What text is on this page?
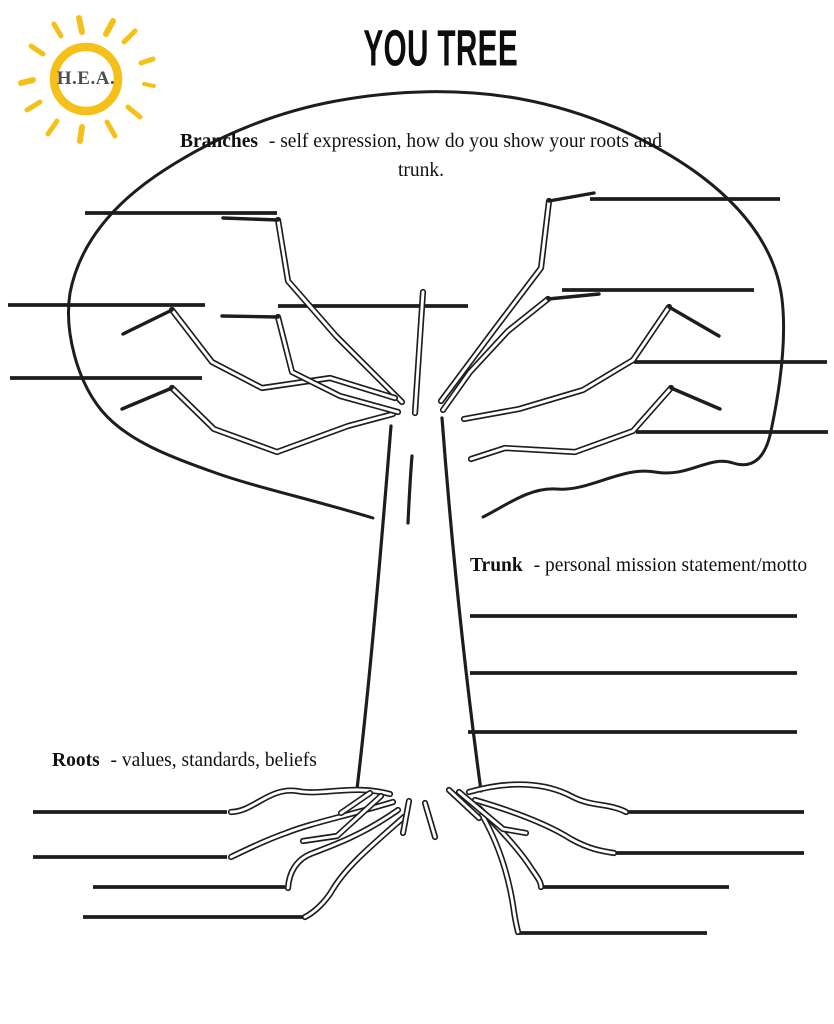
H.E.A.
YOU TREE
Branches - self expression, how do you show your roots and
trunk.
Trunk - personal mission statement/motto
Roots - values, standards, beliefs
